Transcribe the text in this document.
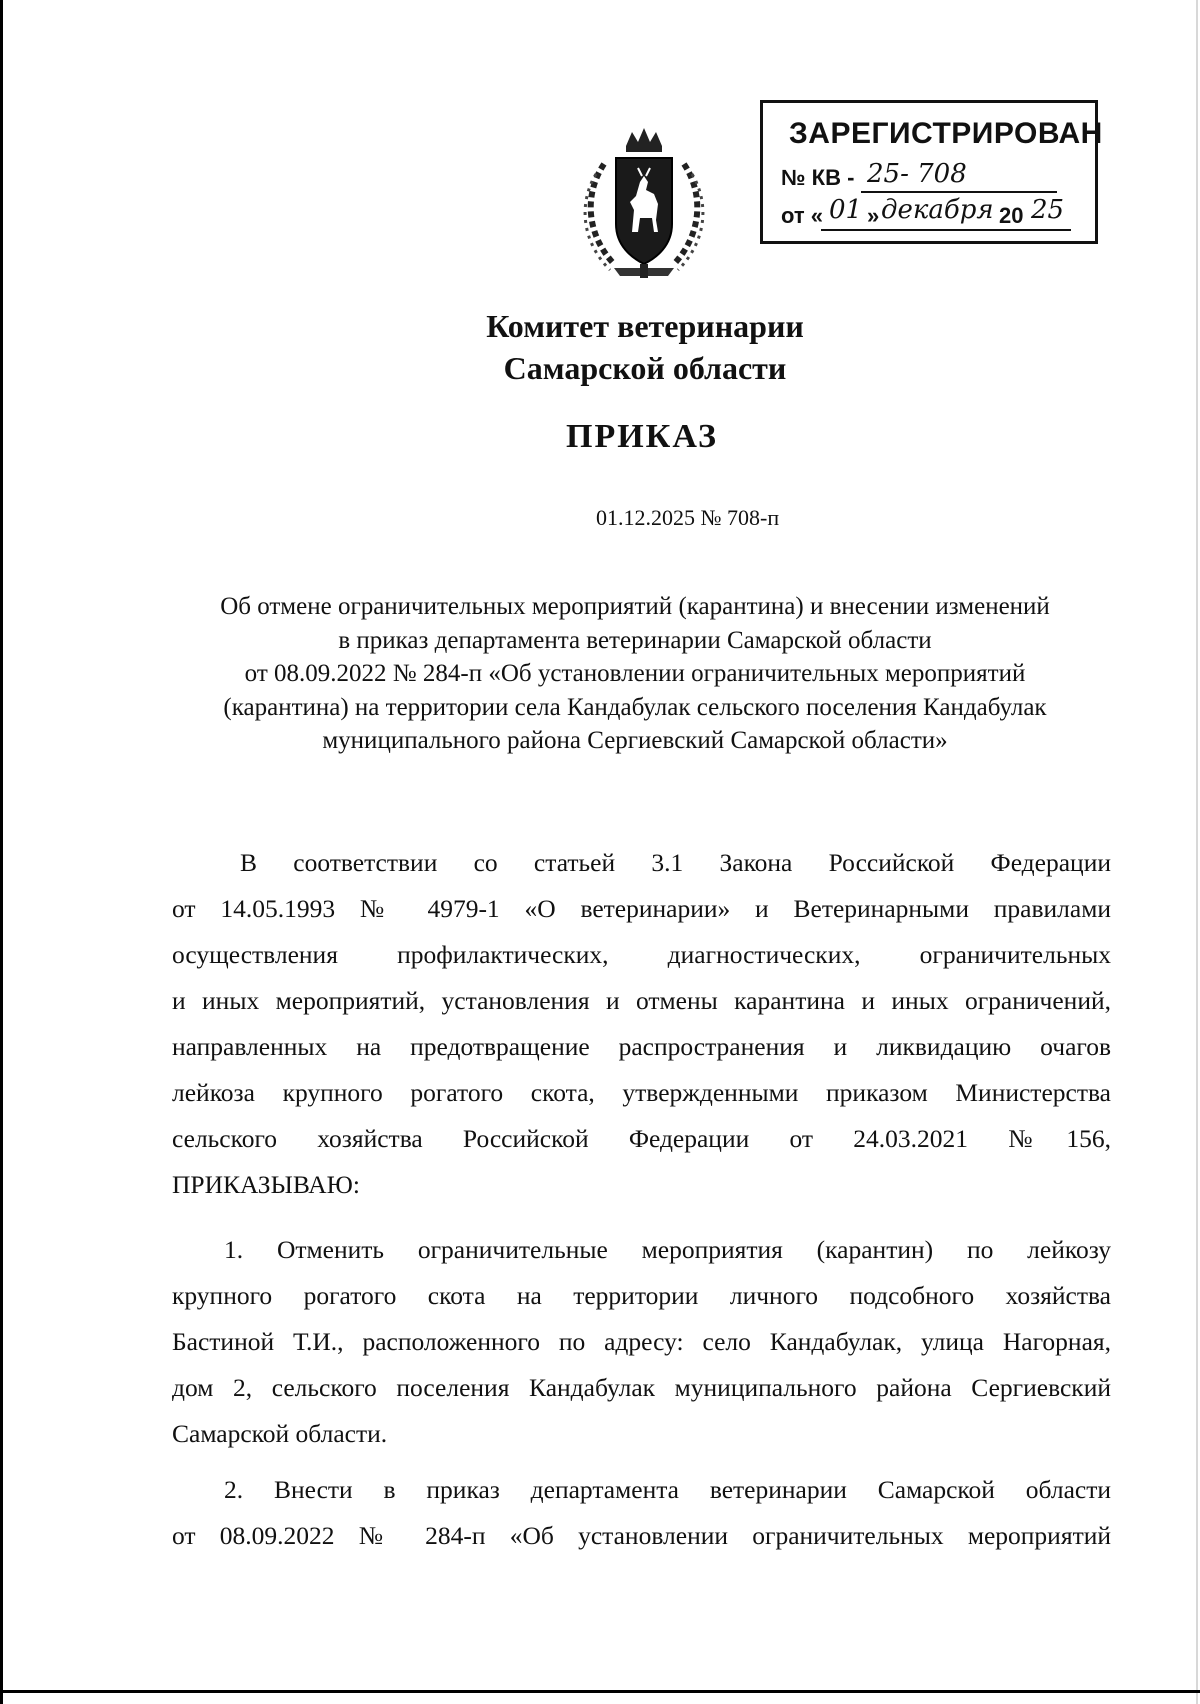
ЗАРЕГИСТРИРОВАН
№ КВ - 25- 708
от « 01 » декабря 20 25
Комитет ветеринарии
Самарской области
ПРИКАЗ
01.12.2025 № 708-п
Об отмене ограничительных мероприятий (карантина) и внесении изменений
в приказ департамента ветеринарии Самарской области
от 08.09.2022 № 284-п «Об установлении ограничительных мероприятий
(карантина) на территории села Кандабулак сельского поселения Кандабулак
муниципального района Сергиевский Самарской области»
В соответствии со статьей 3.1 Закона Российской Федерации
от 14.05.1993 № 4979-1 «О ветеринарии» и Ветеринарными правилами
осуществления профилактических, диагностических, ограничительных
и иных мероприятий, установления и отмены карантина и иных ограничений,
направленных на предотвращение распространения и ликвидацию очагов
лейкоза крупного рогатого скота, утвержденными приказом Министерства
сельского хозяйства Российской Федерации от 24.03.2021 №156,
ПРИКАЗЫВАЮ:
1. Отменить ограничительные мероприятия (карантин) по лейкозу
крупного рогатого скота на территории личного подсобного хозяйства
Бастиной Т.И., расположенного по адресу: село Кандабулак, улица Нагорная,
дом 2, сельского поселения Кандабулак муниципального района Сергиевский
Самарской области.
2. Внести в приказ департамента ветеринарии Самарской области
от 08.09.2022 № 284-п «Об установлении ограничительных мероприятий
